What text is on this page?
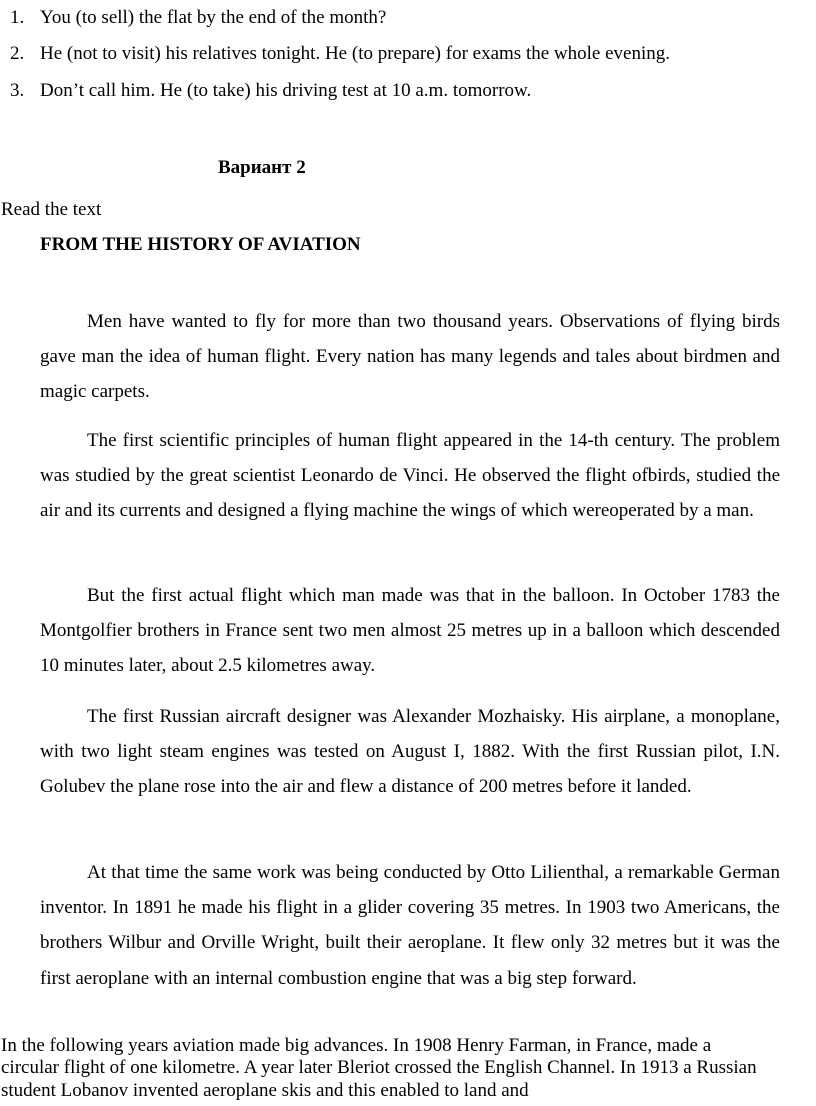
1. You (to sell) the flat by the end of the month?
2. He (not to visit) his relatives tonight. He (to prepare) for exams the whole evening.
3. Don’t call him. He (to take) his driving test at 10 a.m. tomorrow.
Вариант 2
Read the text
FROM THE HISTORY OF AVIATION

Men have wanted to fly for more than two thousand years. Observations of flying birds gave man the idea of human flight. Every nation has many legends and tales about birdmen and magic carpets.

The first scientific principles of human flight appeared in the 14-th century. The problem was studied by the great scientist Leonardo de Vinci. He observed the flight ofbirds, studied the air and its currents and designed a flying machine the wings of which wereoperated by a man.

But the first actual flight which man made was that in the balloon. In October 1783 the Montgolfier brothers in France sent two men almost 25 metres up in a balloon which descended 10 minutes later, about 2.5 kilometres away.

The first Russian aircraft designer was Alexander Mozhaisky. His airplane, a monoplane, with two light steam engines was tested on August I, 1882. With the first Russian pilot, I.N. Golubev the plane rose into the air and flew a distance of 200 metres before it landed.

At that time the same work was being conducted by Otto Lilienthal, a remarkable German inventor. In 1891 he made his flight in a glider covering 35 metres. In 1903 two Americans, the brothers Wilbur and Orville Wright, built their aeroplane. It flew only 32 metres but it was the first aeroplane with an internal combustion engine that was a big step forward.

In the following years aviation made big advances. In 1908 Henry Farman, in France, made a circular flight of one kilometre. A year later Bleriot crossed the English Channel. In 1913 a Russian student Lobanov invented aeroplane skis and this enabled to land and
